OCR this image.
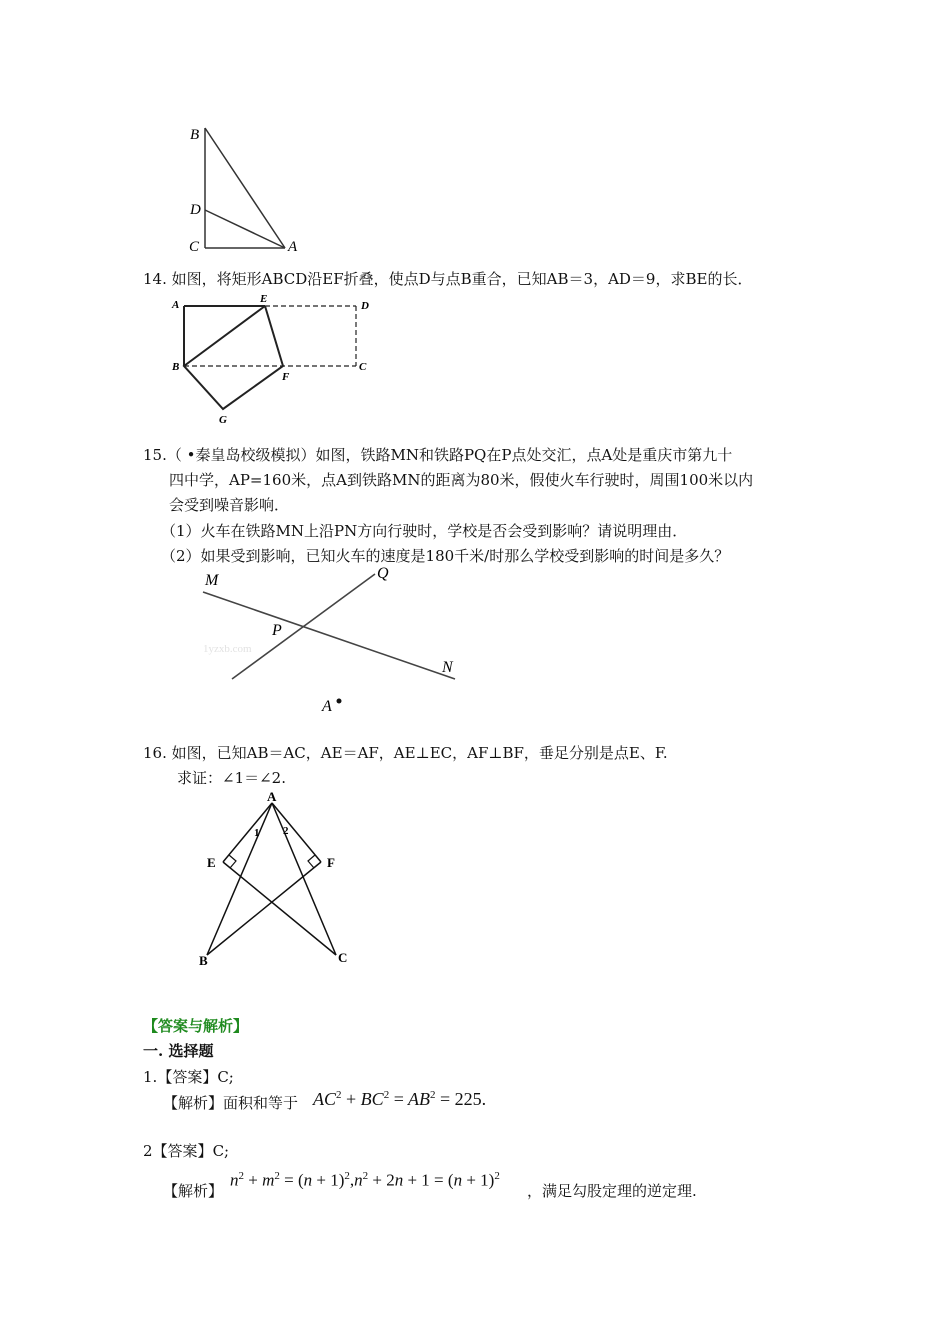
B
D
C	A
14. 如图，将矩形ABCD沿EF折叠，使点D与点B重合，已知AB＝3，AD＝9，求BE的长．
A	E
D
B
F
C
G
15.（ •秦皇岛校级模拟）如图，铁路MN和铁路PQ在P点处交汇，点A处是重庆市第九十
四中学，AP=160米，点A到铁路MN的距离为80米，假使火车行驶时，周围100米以内
会受到噪音影响．
（1）火车在铁路MN上沿PN方向行驶时，学校是否会受到影响？请说明理由．
（2）如果受到影响，已知火车的速度是180千米/时那么学校受到影响的时间是多久？
M	Q
P
1yzxb.com
N
A
16. 如图，已知AB＝AC，AE＝AF，AE⊥EC，AF⊥BF，垂足分别是点E、F.
求证：∠1＝∠2.
A
E	F
B	C
1 2
【答案与解析】
一. 选择题
1.【答案】C;
【解析】面积和等于 $AC^2 + BC^2 = AB^2 = 225$.
2【答案】C;
【解析】
$n^2 + m^2 = (n + 1)^2,n^2 + 2n + 1 = (n + 1)^2$
，满足勾股定理的逆定理.
